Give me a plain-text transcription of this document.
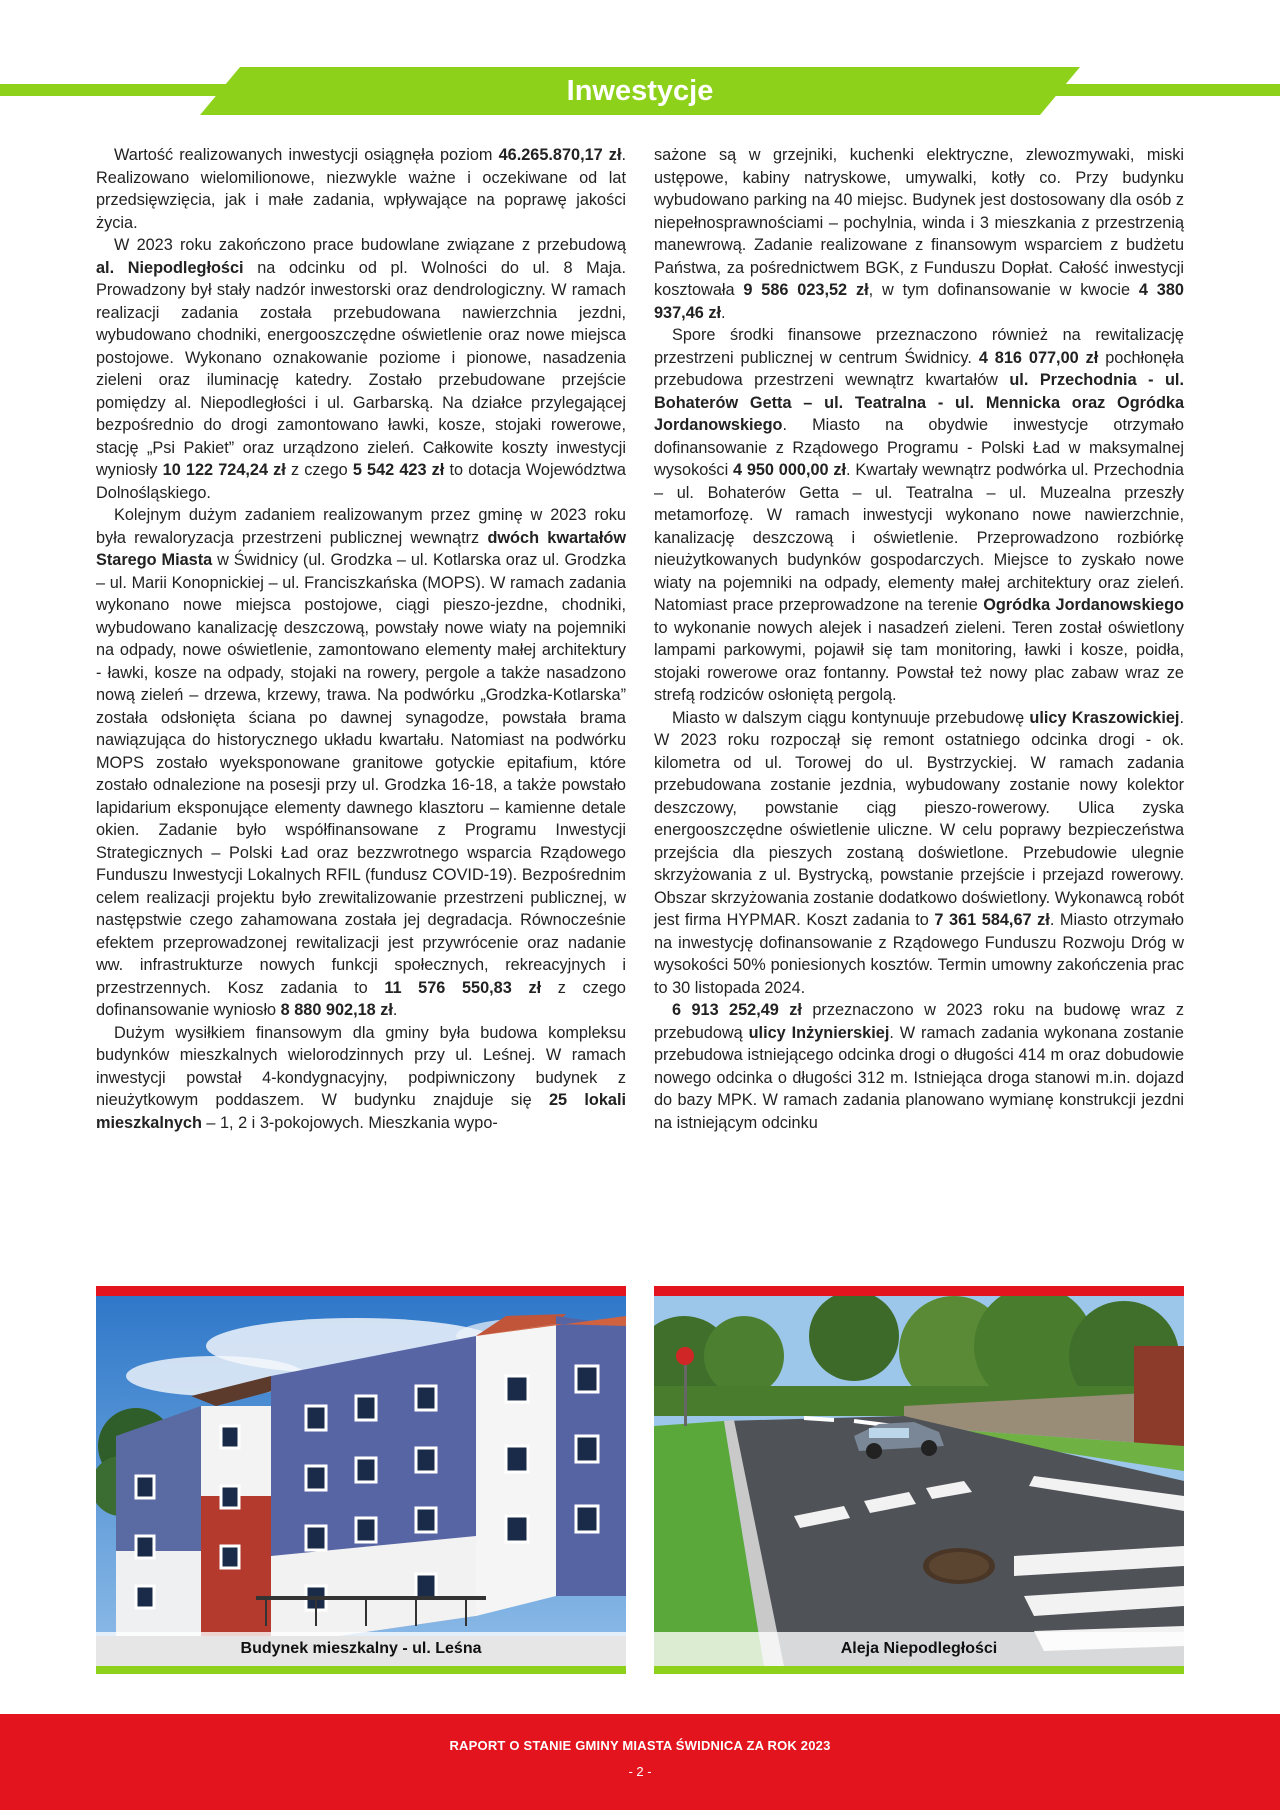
Inwestycje

Wartość realizowanych inwestycji osiągnęła poziom 46.265.870,17 zł. Realizowano wielomilionowe, niezwykle ważne i oczekiwane od lat przedsięwzięcia, jak i małe zadania, wpływające na poprawę jakości życia.

W 2023 roku zakończono prace budowlane związane z przebudową al. Niepodległości na odcinku od pl. Wolności do ul. 8 Maja. Prowadzony był stały nadzór inwestorski oraz dendrologiczny. W ramach realizacji zadania została przebudowana nawierzchnia jezdni, wybudowano chodniki, energooszczędne oświetlenie oraz nowe miejsca postojowe. Wykonano oznakowanie poziome i pionowe, nasadzenia zieleni oraz iluminację katedry. Zostało przebudowane przejście pomiędzy al. Niepodległości i ul. Garbarską. Na działce przylegającej bezpośrednio do drogi zamontowano ławki, kosze, stojaki rowerowe, stację „Psi Pakiet” oraz urządzono zieleń. Całkowite koszty inwestycji wyniosły 10 122 724,24 zł z czego 5 542 423 zł to dotacja Województwa Dolnośląskiego.

Kolejnym dużym zadaniem realizowanym przez gminę w 2023 roku była rewaloryzacja przestrzeni publicznej wewnątrz dwóch kwartałów Starego Miasta w Świdnicy (ul. Grodzka – ul. Kotlarska oraz ul. Grodzka – ul. Marii Konopnickiej – ul. Franciszkańska (MOPS). W ramach zadania wykonano nowe miejsca postojowe, ciągi pieszo-jezdne, chodniki, wybudowano kanalizację deszczową, powstały nowe wiaty na pojemniki na odpady, nowe oświetlenie, zamontowano elementy małej architektury - ławki, kosze na odpady, stojaki na rowery, pergole a także nasadzono nową zieleń – drzewa, krzewy, trawa. Na podwórku „Grodzka-Kotlarska” została odsłonięta ściana po dawnej synagodze, powstała brama nawiązująca do historycznego układu kwartału. Natomiast na podwórku MOPS zostało wyeksponowane granitowe gotyckie epitafium, które zostało odnalezione na posesji przy ul. Grodzka 16-18, a także powstało lapidarium eksponujące elementy dawnego klasztoru – kamienne detale okien. Zadanie było współfinansowane z Programu Inwestycji Strategicznych – Polski Ład oraz bezzwrotnego wsparcia Rządowego Funduszu Inwestycji Lokalnych RFIL (fundusz COVID-19). Bezpośrednim celem realizacji projektu było zrewitalizowanie przestrzeni publicznej, w następstwie czego zahamowana została jej degradacja. Równocześnie efektem przeprowadzonej rewitalizacji jest przywrócenie oraz nadanie ww. infrastrukturze nowych funkcji społecznych, rekreacyjnych i przestrzennych. Kosz zadania to 11 576 550,83 zł z czego dofinansowanie wyniosło 8 880 902,18 zł.

Dużym wysiłkiem finansowym dla gminy była budowa kompleksu budynków mieszkalnych wielorodzinnych przy ul. Leśnej. W ramach inwestycji powstał 4-kondygnacyjny, podpiwniczony budynek z nieużytkowym poddaszem. W budynku znajduje się 25 lokali mieszkalnych – 1, 2 i 3-pokojowych. Mieszkania wypo-

sażone są w grzejniki, kuchenki elektryczne, zlewozmywaki, miski ustępowe, kabiny natryskowe, umywalki, kotły co. Przy budynku wybudowano parking na 40 miejsc. Budynek jest dostosowany dla osób z niepełnosprawnościami – pochylnia, winda i 3 mieszkania z przestrzenią manewrową. Zadanie realizowane z finansowym wsparciem z budżetu Państwa, za pośrednictwem BGK, z Funduszu Dopłat. Całość inwestycji kosztowała 9 586 023,52 zł, w tym dofinansowanie w kwocie 4 380 937,46 zł.

Spore środki finansowe przeznaczono również na rewitalizację przestrzeni publicznej w centrum Świdnicy. 4 816 077,00 zł pochłonęła przebudowa przestrzeni wewnątrz kwartałów ul. Przechodnia - ul. Bohaterów Getta – ul. Teatralna - ul. Mennicka oraz Ogródka Jordanowskiego. Miasto na obydwie inwestycje otrzymało dofinansowanie z Rządowego Programu - Polski Ład w maksymalnej wysokości 4 950 000,00 zł. Kwartały wewnątrz podwórka ul. Przechodnia – ul. Bohaterów Getta – ul. Teatralna – ul. Muzealna przeszły metamorfozę. W ramach inwestycji wykonano nowe nawierzchnie, kanalizację deszczową i oświetlenie. Przeprowadzono rozbiórkę nieużytkowanych budynków gospodarczych. Miejsce to zyskało nowe wiaty na pojemniki na odpady, elementy małej architektury oraz zieleń. Natomiast prace przeprowadzone na terenie Ogródka Jordanowskiego to wykonanie nowych alejek i nasadzeń zieleni. Teren został oświetlony lampami parkowymi, pojawił się tam monitoring, ławki i kosze, poidła, stojaki rowerowe oraz fontanny. Powstał też nowy plac zabaw wraz ze strefą rodziców osłoniętą pergolą.

Miasto w dalszym ciągu kontynuuje przebudowę ulicy Kraszowickiej. W 2023 roku rozpoczął się remont ostatniego odcinka drogi - ok. kilometra od ul. Torowej do ul. Bystrzyckiej. W ramach zadania przebudowana zostanie jezdnia, wybudowany zostanie nowy kolektor deszczowy, powstanie ciąg pieszo-rowerowy. Ulica zyska energooszczędne oświetlenie uliczne. W celu poprawy bezpieczeństwa przejścia dla pieszych zostaną doświetlone. Przebudowie ulegnie skrzyżowania z ul. Bystrycką, powstanie przejście i przejazd rowerowy. Obszar skrzyżowania zostanie dodatkowo doświetlony. Wykonawcą robót jest firma HYPMAR. Koszt zadania to 7 361 584,67 zł. Miasto otrzymało na inwestycję dofinansowanie z Rządowego Funduszu Rozwoju Dróg w wysokości 50% poniesionych kosztów. Termin umowny zakończenia prac to 30 listopada 2024.

6 913 252,49 zł przeznaczono w 2023 roku na budowę wraz z przebudową ulicy Inżynierskiej. W ramach zadania wykonana zostanie przebudowa istniejącego odcinka drogi o długości 414 m oraz dobudowie nowego odcinka o długości 312 m. Istniejąca droga stanowi m.in. dojazd do bazy MPK. W ramach zadania planowano wymianę konstrukcji jezdni na istniejącym odcinku

Budynek mieszkalny - ul. Leśna	Aleja Niepodległości
RAPORT O STANIE GMINY MIASTA ŚWIDNICA ZA ROK 2023
- 2 -
